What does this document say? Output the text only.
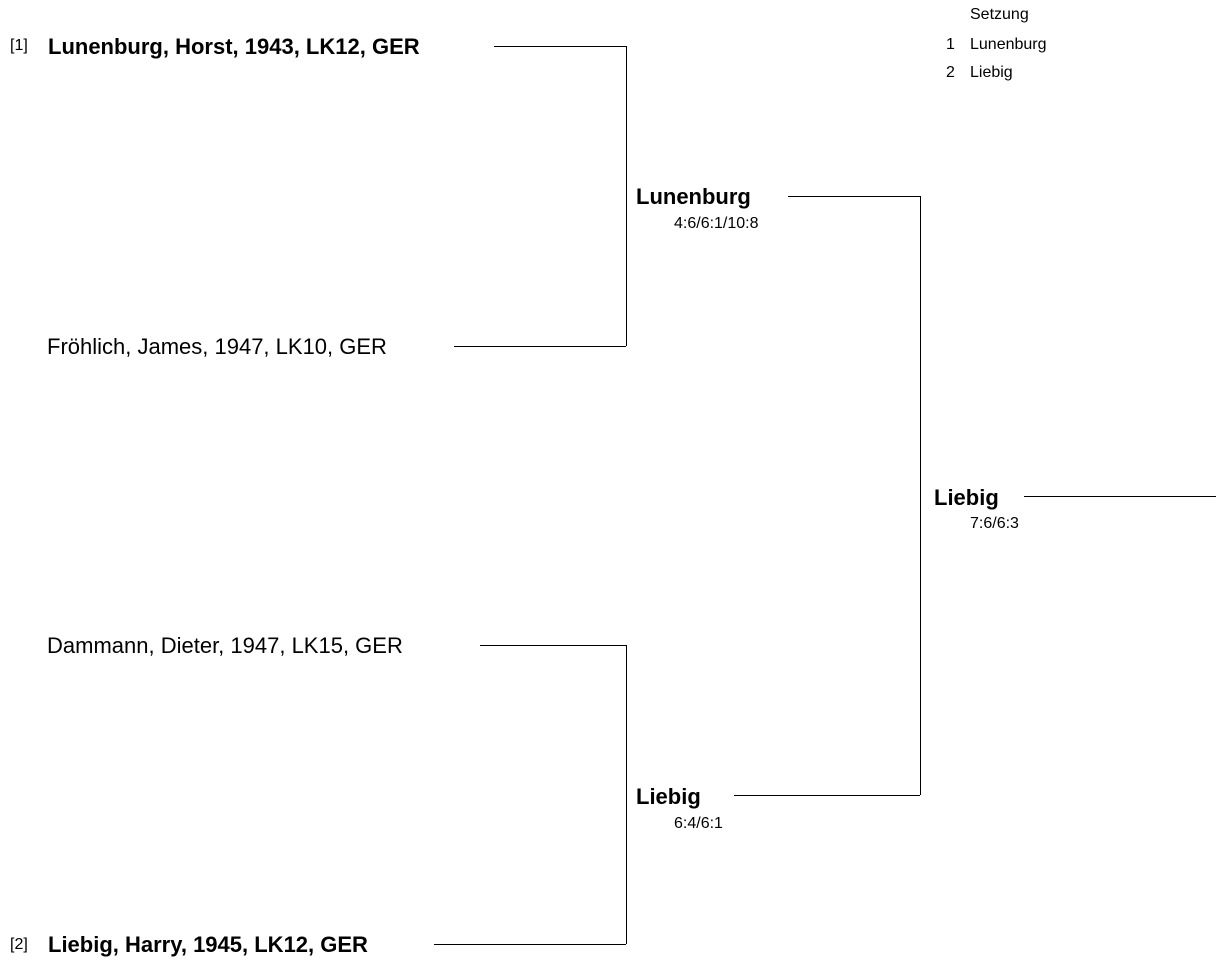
Setzung
1 Lunenburg
2 Liebig
[1] Lunenburg, Horst, 1943, LK12, GER
Fröhlich, James, 1947, LK10, GER
Dammann, Dieter, 1947, LK15, GER
[2] Liebig, Harry, 1945, LK12, GER
Lunenburg
4:6/6:1/10:8
Liebig
6:4/6:1
Liebig
7:6/6:3
